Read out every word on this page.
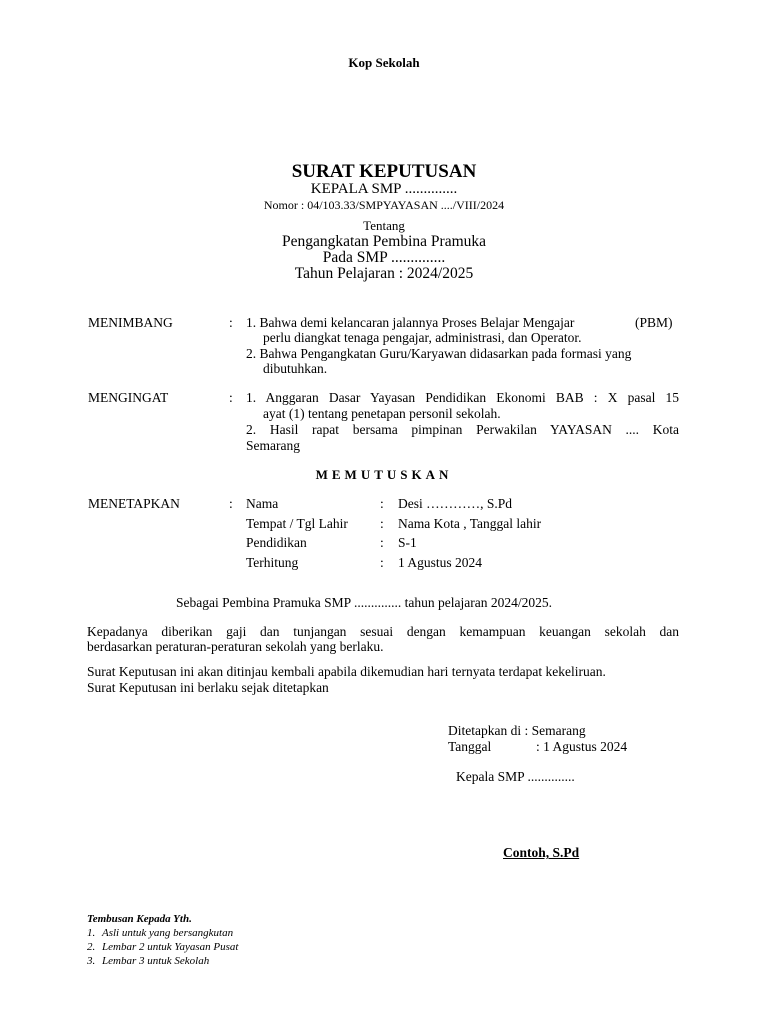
Kop Sekolah
SURAT KEPUTUSAN
KEPALA SMP ..............
Nomor : 04/103.33/SMPYAYASAN ..../VIII/2024
Tentang
Pengangkatan Pembina Pramuka
Pada SMP ..............
Tahun Pelajaran : 2024/2025
MENIMBANG	: 1. Bahwa demi kelancaran jalannya Proses Belajar Mengajar	(PBM)
perlu diangkat tenaga pengajar, administrasi, dan Operator.
2. Bahwa Pengangkatan Guru/Karyawan didasarkan pada formasi yang
dibutuhkan.
MENGINGAT	: 1. Anggaran Dasar Yayasan Pendidikan Ekonomi BAB : X pasal 15
ayat (1) tentang penetapan personil sekolah.
2. Hasil rapat bersama pimpinan Perwakilan YAYASAN .... Kota
Semarang
MEMUTUSKAN
MENETAPKAN	: Nama	: Desi …………, S.Pd
Tempat / Tgl Lahir : Nama Kota , Tanggal lahir
Pendidikan	: S-1
Terhitung	: 1 Agustus 2024
Sebagai Pembina Pramuka SMP .............. tahun pelajaran 2024/2025.
Kepadanya diberikan gaji dan tunjangan sesuai dengan kemampuan keuangan sekolah dan
berdasarkan peraturan-peraturan sekolah yang berlaku.
Surat Keputusan ini akan ditinjau kembali apabila dikemudian hari ternyata terdapat kekeliruan.
Surat Keputusan ini berlaku sejak ditetapkan
Ditetapkan di : Semarang
Tanggal	: 1 Agustus 2024
Kepala SMP ..............
Contoh, S.Pd
Tembusan Kepada Yth.
1. Asli untuk yang bersangkutan
2. Lembar 2 untuk Yayasan Pusat
3. Lembar 3 untuk Sekolah
